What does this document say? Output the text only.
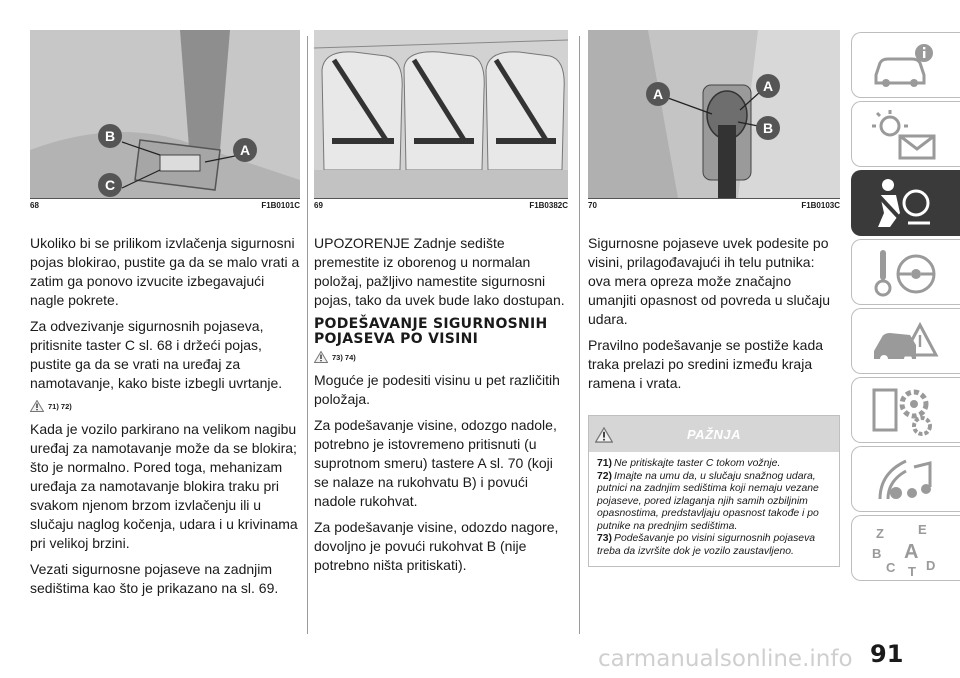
B
A
C
68	F1B0101C

Ukoliko bi se prilikom izvlačenja sigurnosni pojas blokirao, pustite ga da se malo vrati a zatim ga ponovo izvucite izbegavajući nagle pokrete.

Za odvezivanje sigurnosnih pojaseva, pritisnite taster C sl. 68 i držeći pojas, pustite ga da se vrati na uređaj za namotavanje, kako biste izbegli uvrtanje.

71) 72)

Kada je vozilo parkirano na velikom nagibu uređaj za namotavanje može da se blokira; što je normalno. Pored toga, mehanizam uređaja za namotavanje blokira traku pri svakom njenom brzom izvlačenju ili u slučaju naglog kočenja, udara i u krivinama pri velikoj brzini.

Vezati sigurnosne pojaseve na zadnjim sedištima kao što je prikazano na sl. 69.

69	F1B0382C

UPOZORENJE Zadnje sedište premestite iz oborenog u normalan položaj, pažljivo namestite sigurnosni pojas, tako da uvek bude lako dostupan.

PODEŠAVANJE SIGURNOSNIH POJASEVA PO VISINI
73) 74)

Moguće je podesiti visinu u pet različitih položaja.

Za podešavanje visine, odozgo nadole, potrebno je istovremeno pritisnuti (u suprotnom smeru) tastere A sl. 70 (koji se nalaze na rukohvatu B) i povući nadole rukohvat.

Za podešavanje visine, odozdo nagore, dovoljno je povući rukohvat B (nije potrebno ništa pritiskati).

A	A
B
70	F1B0103C

Sigurnosne pojaseve uvek podesite po visini, prilagođavajući ih telu putnika: ova mera opreza može značajno umanjiti opasnost od povreda u slučaju udara.

Pravilno podešavanje se postiže kada traka prelazi po sredini između kraja ramena i vrata.

PAŽNJA
71) Ne pritiskajte taster C tokom vožnje.
72) Imajte na umu da, u slučaju snažnog udara, putnici na zadnjim sedištima koji nemaju vezane pojaseve, pored izlaganja njih samih ozbiljnim opasnostima, predstavljaju opasnost takođe i po putnike na prednjim sedištima.
73) Podešavanje po visini sigurnosnih pojaseva treba da izvršite dok je vozilo zaustavljeno.
Z	E
B A
C D
T
carmanualsonline.info 91
